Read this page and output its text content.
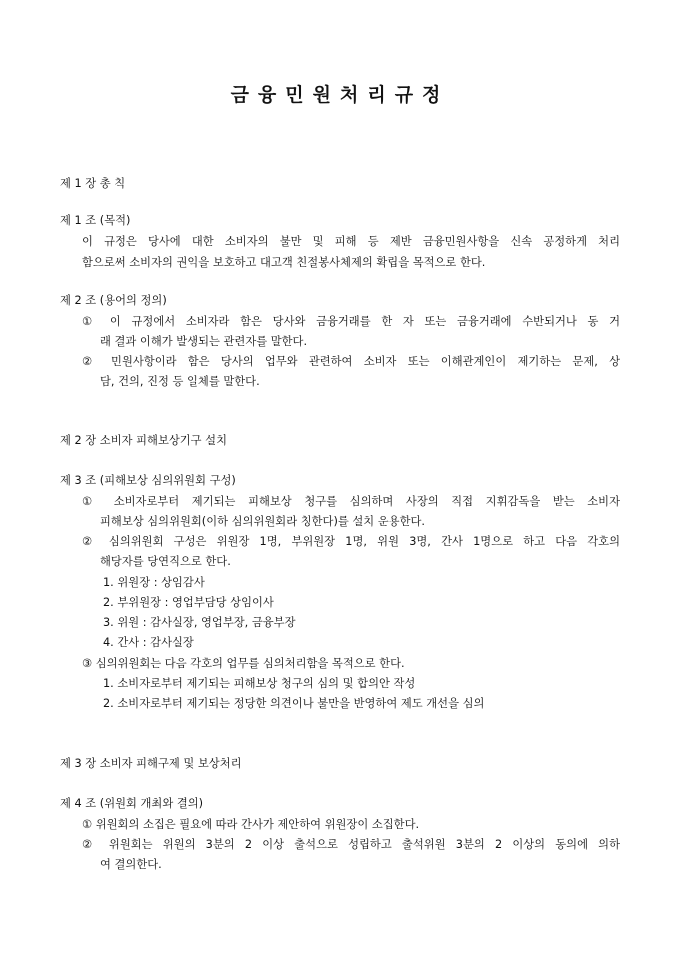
금융민원처리규정
제 1 장 총 칙
제 1 조 (목적)
이 규정은 당사에 대한 소비자의 불만 및 피해 등 제반 금융민원사항을 신속 공정하게 처리
함으로써 소비자의 권익을 보호하고 대고객 친절봉사체제의 확립을 목적으로 한다.
제 2 조 (용어의 정의)
① 이 규정에서 소비자라 함은 당사와 금융거래를 한 자 또는 금융거래에 수반되거나 동 거
래 결과 이해가 발생되는 관련자를 말한다.
② 민원사항이라 함은 당사의 업무와 관련하여 소비자 또는 이해관계인이 제기하는 문제, 상
담, 건의, 진정 등 일체를 말한다.
제 2 장 소비자 피해보상기구 설치
제 3 조 (피해보상 심의위원회 구성)
① 소비자로부터 제기되는 피해보상 청구를 심의하며 사장의 직접 지휘감독을 받는 소비자
피해보상 심의위원회(이하 심의위원회라 칭한다)를 설치 운용한다.
② 심의위원회 구성은 위원장 1명, 부위원장 1명, 위원 3명, 간사 1명으로 하고 다음 각호의
해당자를 당연직으로 한다.
1. 위원장 : 상임감사
2. 부위원장 : 영업부담당 상임이사
3. 위원 : 감사실장, 영업부장, 금융부장
4. 간사 : 감사실장
③ 심의위원회는 다음 각호의 업무를 심의처리함을 목적으로 한다.
1. 소비자로부터 제기되는 피해보상 청구의 심의 및 합의안 작성
2. 소비자로부터 제기되는 정당한 의견이나 불만을 반영하여 제도 개선을 심의
제 3 장 소비자 피해구제 및 보상처리
제 4 조 (위원회 개최와 결의)
① 위원회의 소집은 필요에 따라 간사가 제안하여 위원장이 소집한다.
② 위원회는 위원의 3분의 2 이상 출석으로 성립하고 출석위원 3분의 2 이상의 동의에 의하
여 결의한다.
